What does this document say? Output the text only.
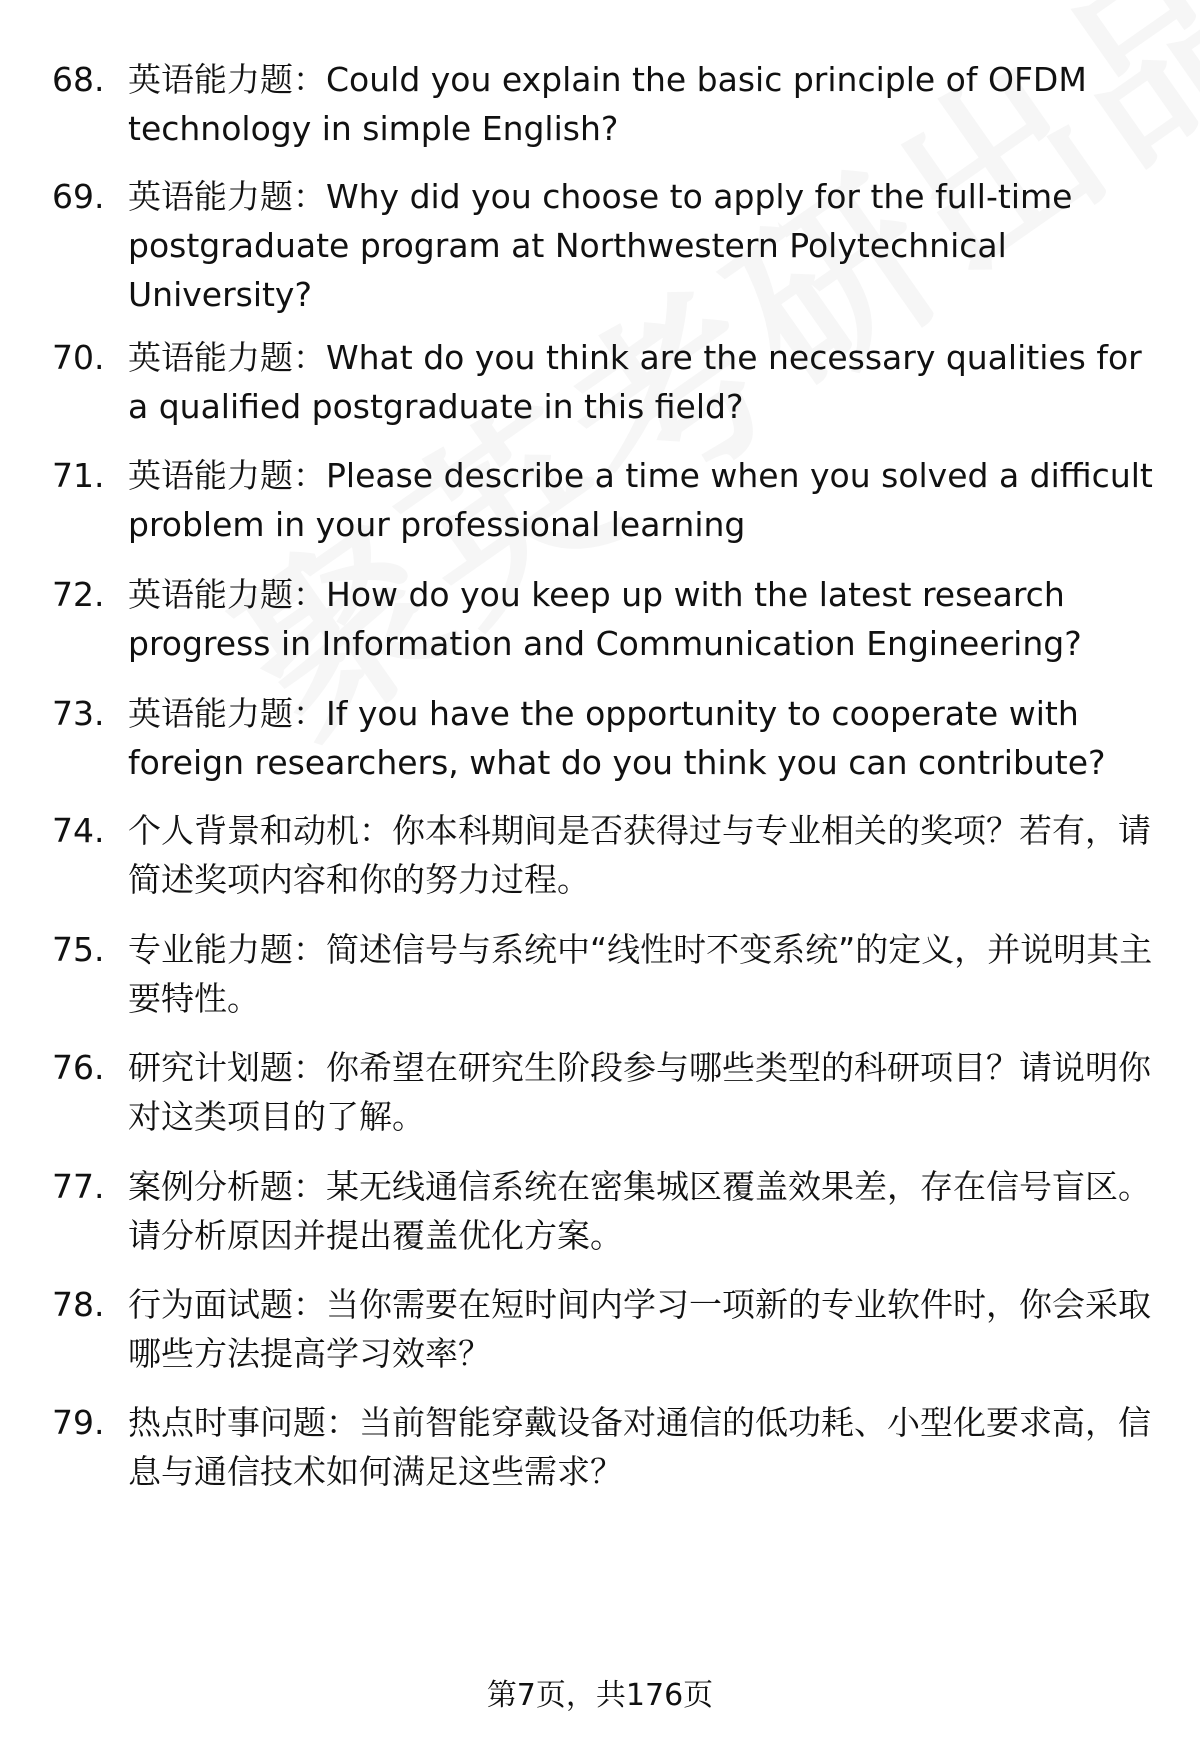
68. 英语能力题：Could you explain the basic principle of OFDM technology in simple English?
69. 英语能力题：Why did you choose to apply for the full-time postgraduate program at Northwestern Polytechnical University?
70. 英语能力题：What do you think are the necessary qualities for a qualified postgraduate in this field?
71. 英语能力题：Please describe a time when you solved a difficult problem in your professional learning
72. 英语能力题：How do you keep up with the latest research progress in Information and Communication Engineering?
73. 英语能力题：If you have the opportunity to cooperate with foreign researchers, what do you think you can contribute?
74. 个人背景和动机：你本科期间是否获得过与专业相关的奖项？若有，请简述奖项内容和你的努力过程。
75. 专业能力题：简述信号与系统中“线性时不变系统”的定义，并说明其主要特性。
76. 研究计划题：你希望在研究生阶段参与哪些类型的科研项目？请说明你对这类项目的了解。
77. 案例分析题：某无线通信系统在密集城区覆盖效果差，存在信号盲区。请分析原因并提出覆盖优化方案。
78. 行为面试题：当你需要在短时间内学习一项新的专业软件时，你会采取哪些方法提高学习效率？
79. 热点时事问题：当前智能穿戴设备对通信的低功耗、小型化要求高，信息与通信技术如何满足这些需求？
第7页，共176页
